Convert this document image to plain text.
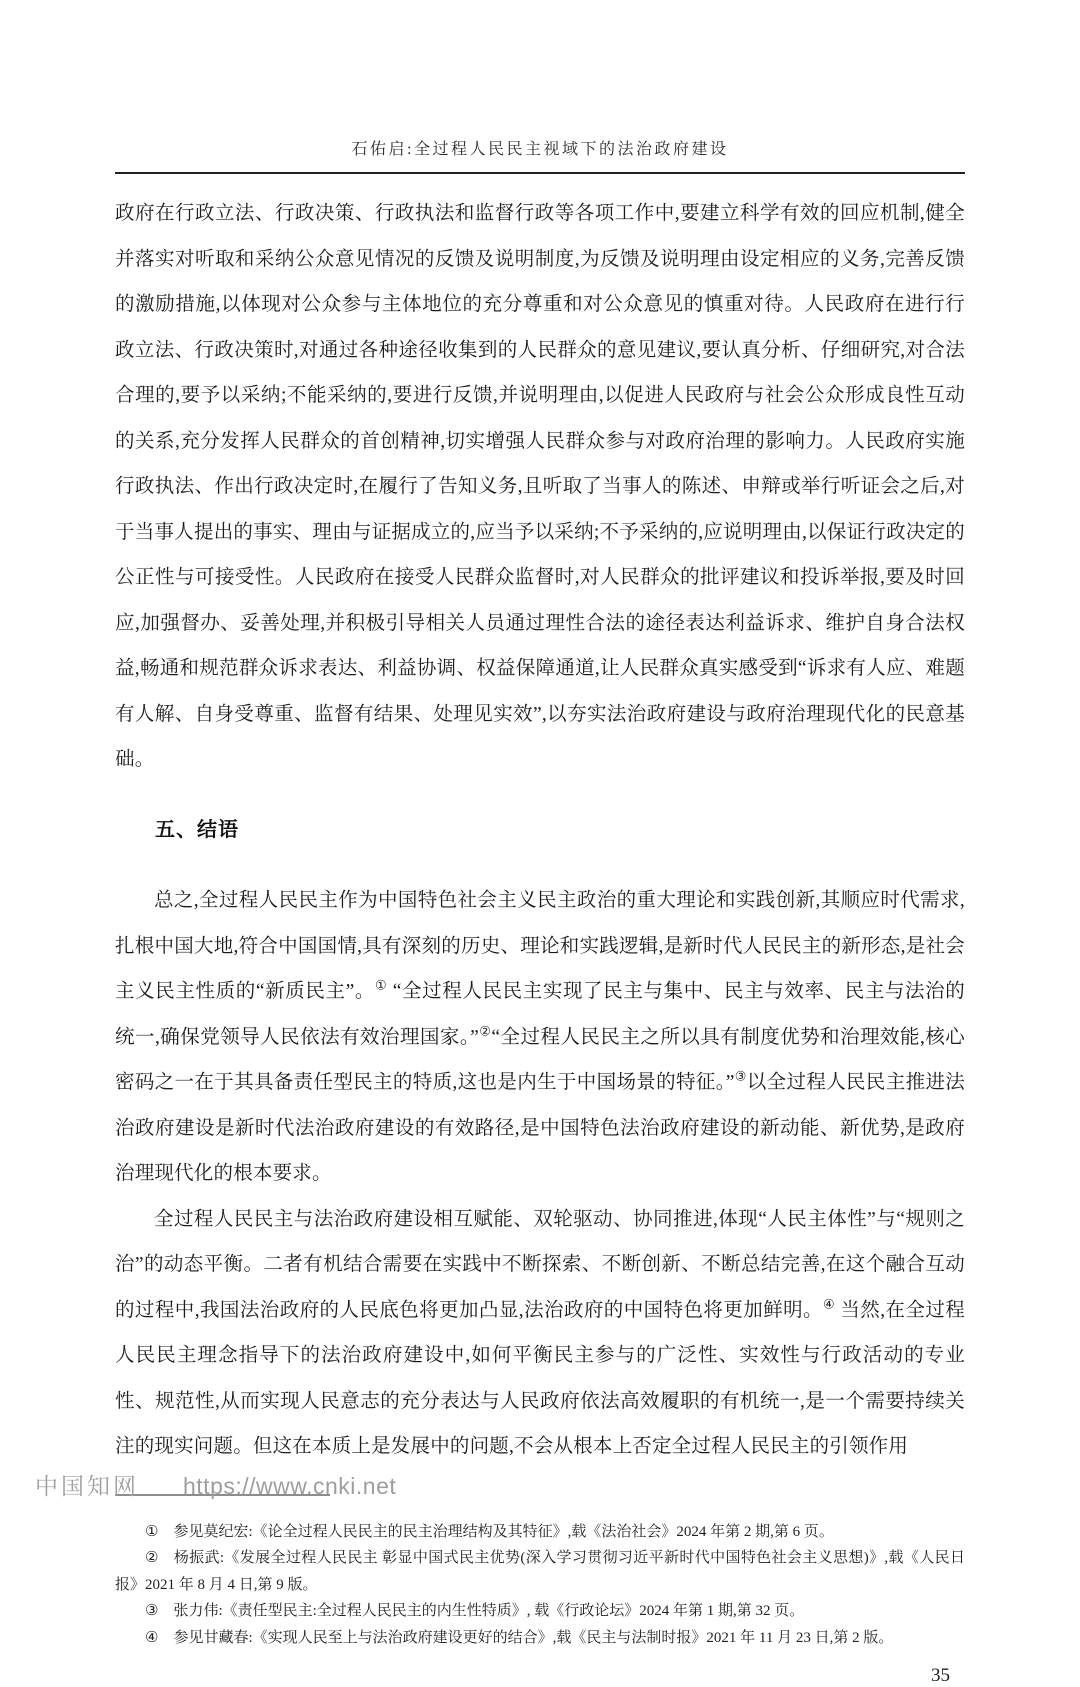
石佑启:全过程人民民主视域下的法治政府建设

政府在行政立法、行政决策、行政执法和监督行政等各项工作中,要建立科学有效的回应机制,健全并落实对听取和采纳公众意见情况的反馈及说明制度,为反馈及说明理由设定相应的义务,完善反馈的激励措施,以体现对公众参与主体地位的充分尊重和对公众意见的慎重对待。人民政府在进行行政立法、行政决策时,对通过各种途径收集到的人民群众的意见建议,要认真分析、仔细研究,对合法合理的,要予以采纳;不能采纳的,要进行反馈,并说明理由,以促进人民政府与社会公众形成良性互动的关系,充分发挥人民群众的首创精神,切实增强人民群众参与对政府治理的影响力。人民政府实施行政执法、作出行政决定时,在履行了告知义务,且听取了当事人的陈述、申辩或举行听证会之后,对于当事人提出的事实、理由与证据成立的,应当予以采纳;不予采纳的,应说明理由,以保证行政决定的公正性与可接受性。人民政府在接受人民群众监督时,对人民群众的批评建议和投诉举报,要及时回应,加强督办、妥善处理,并积极引导相关人员通过理性合法的途径表达利益诉求、维护自身合法权益,畅通和规范群众诉求表达、利益协调、权益保障通道,让人民群众真实感受到“诉求有人应、难题有人解、自身受尊重、监督有结果、处理见实效”,以夯实法治政府建设与政府治理现代化的民意基础。

五、结语

总之,全过程人民民主作为中国特色社会主义民主政治的重大理论和实践创新,其顺应时代需求,扎根中国大地,符合中国国情,具有深刻的历史、理论和实践逻辑,是新时代人民民主的新形态,是社会主义民主性质的“新质民主”。① “全过程人民民主实现了民主与集中、民主与效率、民主与法治的统一,确保党领导人民依法有效治理国家。”②“全过程人民民主之所以具有制度优势和治理效能,核心密码之一在于其具备责任型民主的特质,这也是内生于中国场景的特征。”③以全过程人民民主推进法治政府建设是新时代法治政府建设的有效路径,是中国特色法治政府建设的新动能、新优势,是政府治理现代化的根本要求。

全过程人民民主与法治政府建设相互赋能、双轮驱动、协同推进,体现“人民主体性”与“规则之治”的动态平衡。二者有机结合需要在实践中不断探索、不断创新、不断总结完善,在这个融合互动的过程中,我国法治政府的人民底色将更加凸显,法治政府的中国特色将更加鲜明。④ 当然,在全过程人民民主理念指导下的法治政府建设中,如何平衡民主参与的广泛性、实效性与行政活动的专业性、规范性,从而实现人民意志的充分表达与人民政府依法高效履职的有机统一,是一个需要持续关注的现实问题。但这在本质上是发展中的问题,不会从根本上否定全过程人民民主的引领作用

① 参见莫纪宏:《论全过程人民民主的民主治理结构及其特征》,载《法治社会》2024 年第 2 期,第 6 页。

② 杨振武:《发展全过程人民民主 彰显中国式民主优势(深入学习贯彻习近平新时代中国特色社会主义思想)》,载《人民日报》2021 年 8 月 4 日,第 9 版。

③ 张力伟:《责任型民主:全过程人民民主的内生性特质》, 载《行政论坛》2024 年第 1 期,第 32 页。

④ 参见甘藏春:《实现人民至上与法治政府建设更好的结合》,载《民主与法制时报》2021 年 11 月 23 日,第 2 版。

35
中国知网 https://www.cnki.net
